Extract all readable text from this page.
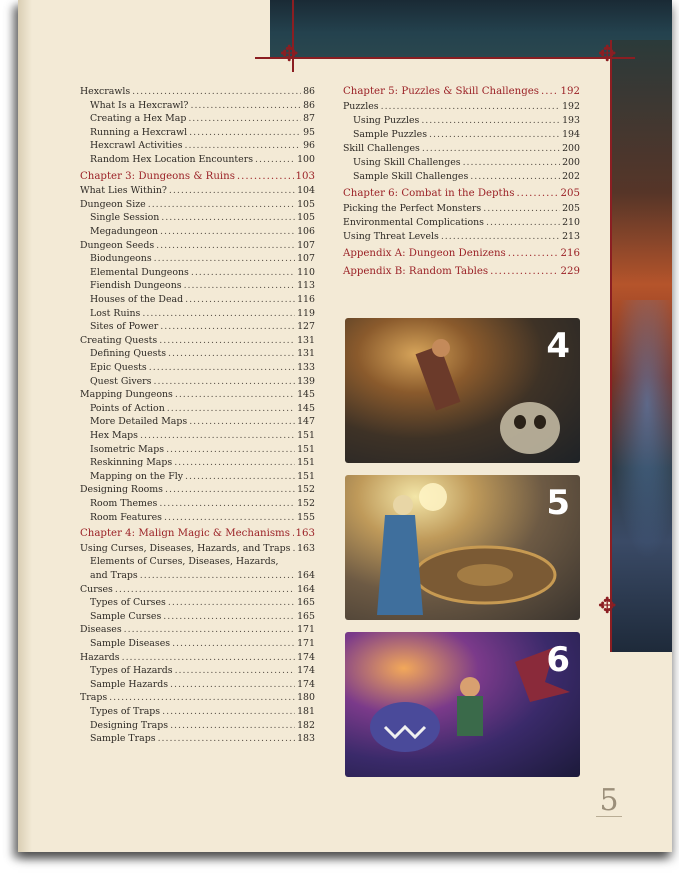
✥	✥
✥
Hexcrawls .....	86
What Is a Hexcrawl? .....	86
Creating a Hex Map .....	87
Running a Hexcrawl .....	95
Hexcrawl Activities .....	96
Random Hex Location Encounters .....	100
Chapter 3: Dungeons & Ruins .....	103
What Lies Within? .....	104
Dungeon Size .....	105
Single Session .....	105
Megadungeon .....	106
Dungeon Seeds .....	107
Biodungeons .....	107
Elemental Dungeons .....	110
Fiendish Dungeons .....	113
Houses of the Dead .....	116
Lost Ruins .....	119
Sites of Power .....	127
Creating Quests .....	131
Defining Quests .....	131
Epic Quests .....	133
Quest Givers .....	139
Mapping Dungeons .....	145
Points of Action .....	145
More Detailed Maps .....	147
Hex Maps .....	151
Isometric Maps .....	151
Reskinning Maps .....	151
Mapping on the Fly .....	151
Designing Rooms .....	152
Room Themes .....	152
Room Features .....	155
Chapter 4: Malign Magic & Mechanisms ..... 163
Using Curses, Diseases, Hazards, and Traps ..... 163
Elements of Curses, Diseases, Hazards,
and Traps .....	164
Curses .....	164
Types of Curses .....	165
Sample Curses .....	165
Diseases .....	171
Sample Diseases .....	171
Hazards .....	174
Types of Hazards .....	174
Sample Hazards .....	174
Traps .....	180
Types of Traps .....	181
Designing Traps .....	182
Sample Traps .....	183
Chapter 5: Puzzles & Skill Challenges ..... 192
Puzzles .....	192
Using Puzzles .....	193
Sample Puzzles .....	194
Skill Challenges .....	200
Using Skill Challenges .....	200
Sample Skill Challenges .....	202
Chapter 6: Combat in the Depths .....	205
Picking the Perfect Monsters .....	205
Environmental Complications .....	210
Using Threat Levels .....	213
Appendix A: Dungeon Denizens .....	216
Appendix B: Random Tables .....	229
4
5
6
5
